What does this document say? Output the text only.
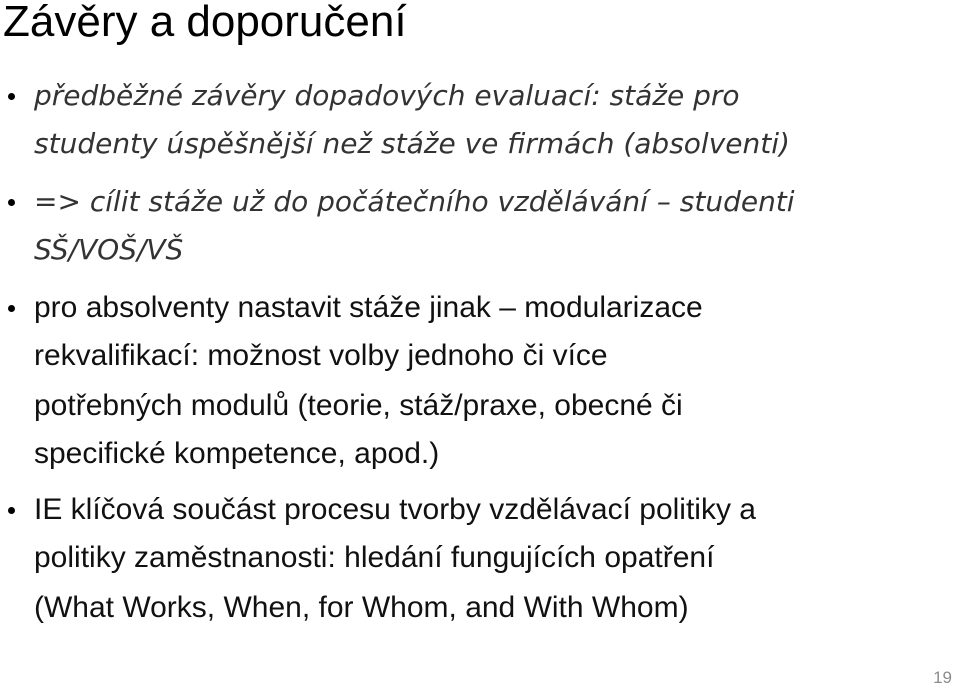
Závěry a doporučení
předběžné závěry dopadových evaluací: stáže pro
studenty úspěšnější než stáže ve firmách (absolventi)
=> cílit stáže už do počátečního vzdělávání – studenti
SŠ/VOŠ/VŠ
pro absolventy nastavit stáže jinak – modularizace
rekvalifikací: možnost volby jednoho či více
potřebných modulů (teorie, stáž/praxe, obecné či
specifické kompetence, apod.)
IE klíčová součást procesu tvorby vzdělávací politiky a
politiky zaměstnanosti: hledání fungujících opatření
(What Works, When, for Whom, and With Whom)
19
